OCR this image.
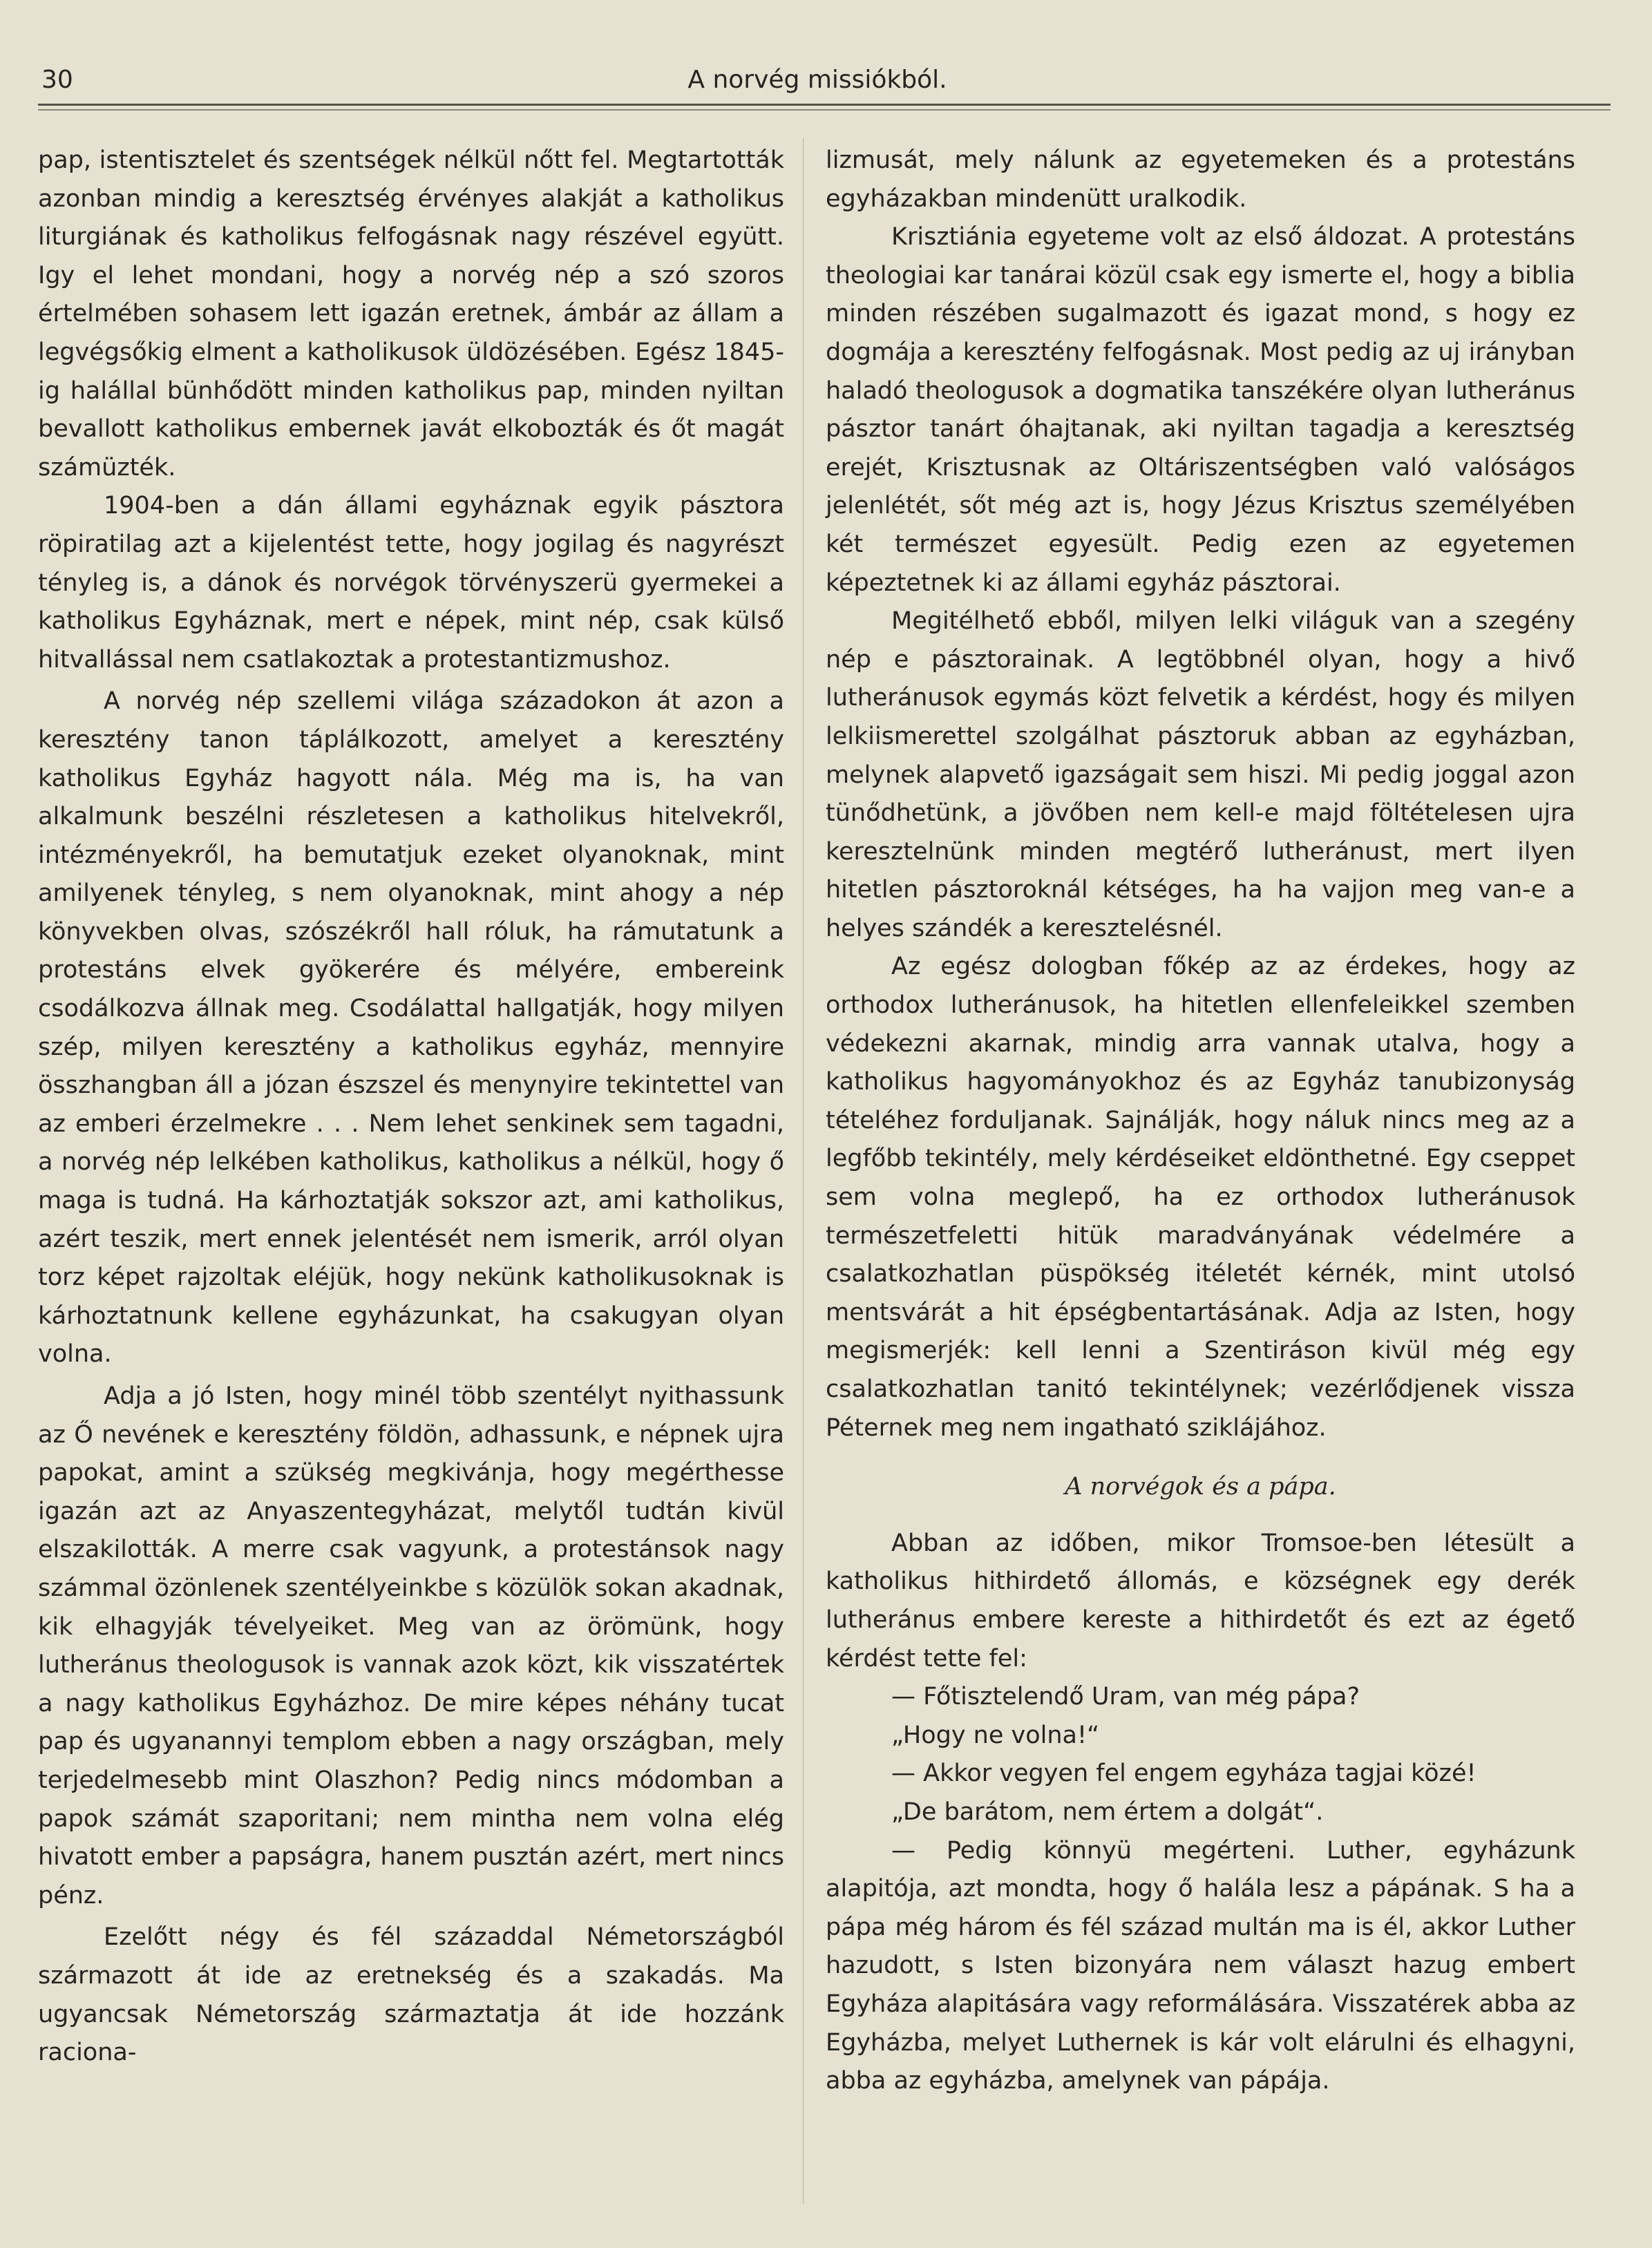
30	A norvég missiókból.

pap, istentisztelet és szentségek nélkül nőtt fel. Megtartották azonban mindig a keresztség érvényes alakját a katholikus liturgiának és katholikus felfogásnak nagy részével együtt. Igy el lehet mondani, hogy a norvég nép a szó szoros értelmében sohasem lett igazán eretnek, ámbár az állam a legvégsőkig elment a katholikusok üldözésében. Egész 1845-ig halállal bünhődött minden katholikus pap, minden nyiltan bevallott katholikus embernek javát elkobozták és őt magát számüzték.

1904-ben a dán állami egyháznak egyik pásztora röpiratilag azt a kijelentést tette, hogy jogilag és nagyrészt tényleg is, a dánok és norvégok törvényszerü gyermekei a katholikus Egyháznak, mert e népek, mint nép, csak külső hitvallással nem csatlakoztak a protestantizmushoz.

A norvég nép szellemi világa századokon át azon a keresztény tanon táplálkozott, amelyet a keresztény katholikus Egyház hagyott nála. Még ma is, ha van alkalmunk beszélni részletesen a katholikus hitelvekről, intézményekről, ha bemutatjuk ezeket olyanoknak, mint amilyenek tényleg, s nem olyanoknak, mint ahogy a nép könyvekben olvas, szószékről hall róluk, ha rámutatunk a protestáns elvek gyökerére és mélyére, embereink csodálkozva állnak meg. Csodálattal hallgatják, hogy milyen szép, milyen keresztény a katholikus egyház, mennyire összhangban áll a józan észszel és menynyire tekintettel van az emberi érzelmekre . . . Nem lehet senkinek sem tagadni, a norvég nép lelkében katholikus, katholikus a nélkül, hogy ő maga is tudná. Ha kárhoztatják sokszor azt, ami katholikus, azért teszik, mert ennek jelentését nem ismerik, arról olyan torz képet rajzoltak eléjük, hogy nekünk katholikusoknak is kárhoztatnunk kellene egyházunkat, ha csakugyan olyan volna.

Adja a jó Isten, hogy minél több szentélyt nyithassunk az Ő nevének e keresztény földön, adhassunk, e népnek ujra papokat, amint a szükség megkivánja, hogy megérthesse igazán azt az Anyaszentegyházat, melytől tudtán kivül elszakilották. A merre csak vagyunk, a protestánsok nagy számmal özönlenek szentélyeinkbe s közülök sokan akadnak, kik elhagyják tévelyeiket. Meg van az örömünk, hogy lutheránus theologusok is vannak azok közt, kik visszatértek a nagy katholikus Egyházhoz. De mire képes néhány tucat pap és ugyanannyi templom ebben a nagy országban, mely terjedelmesebb mint Olaszhon? Pedig nincs módomban a papok számát szaporitani; nem mintha nem volna elég hivatott ember a papságra, hanem pusztán azért, mert nincs pénz.

Ezelőtt négy és fél századdal Németországból származott át ide az eretnekség és a szakadás. Ma ugyancsak Németország származtatja át ide hozzánk raciona-

lizmusát, mely nálunk az egyetemeken és a protestáns egyházakban mindenütt uralkodik.

Krisztiánia egyeteme volt az első áldozat. A protestáns theologiai kar tanárai közül csak egy ismerte el, hogy a biblia minden részében sugalmazott és igazat mond, s hogy ez dogmája a keresztény felfogásnak. Most pedig az uj irányban haladó theologusok a dogmatika tanszékére olyan lutheránus pásztor tanárt óhajtanak, aki nyiltan tagadja a keresztség erejét, Krisztusnak az Oltáriszentségben való valóságos jelenlétét, sőt még azt is, hogy Jézus Krisztus személyében két természet egyesült. Pedig ezen az egyetemen képeztetnek ki az állami egyház pásztorai.

Megitélhető ebből, milyen lelki világuk van a szegény nép e pásztorainak. A legtöbbnél olyan, hogy a hivő lutheránusok egymás közt felvetik a kérdést, hogy és milyen lelkiismerettel szolgálhat pásztoruk abban az egyházban, melynek alapvető igazságait sem hiszi. Mi pedig joggal azon tünődhetünk, a jövőben nem kell-e majd föltételesen ujra keresztelnünk minden megtérő lutheránust, mert ilyen hitetlen pásztoroknál kétséges, ha ha vajjon meg van-e a helyes szándék a keresztelésnél.

Az egész dologban főkép az az érdekes, hogy az orthodox lutheránusok, ha hitetlen ellenfeleikkel szemben védekezni akarnak, mindig arra vannak utalva, hogy a katholikus hagyományokhoz és az Egyház tanubizonyság tételéhez forduljanak. Sajnálják, hogy náluk nincs meg az a legfőbb tekintély, mely kérdéseiket eldönthetné. Egy cseppet sem volna meglepő, ha ez orthodox lutheránusok természetfeletti hitük maradványának védelmére a csalatkozhatlan püspökség itéletét kérnék, mint utolsó mentsvárát a hit épségbentartásának. Adja az Isten, hogy megismerjék: kell lenni a Szentiráson kivül még egy csalatkozhatlan tanitó tekintélynek; vezérlődjenek vissza Péternek meg nem ingatható sziklájához.

A norvégok és a pápa.

Abban az időben, mikor Tromsoe-ben létesült a katholikus hithirdető állomás, e községnek egy derék lutheránus embere kereste a hithirdetőt és ezt az égető kérdést tette fel:

— Főtisztelendő Uram, van még pápa?

„Hogy ne volna!“

— Akkor vegyen fel engem egyháza tagjai közé!

„De barátom, nem értem a dolgát“.

— Pedig könnyü megérteni. Luther, egyházunk alapitója, azt mondta, hogy ő halála lesz a pápának. S ha a pápa még három és fél század multán ma is él, akkor Luther hazudott, s Isten bizonyára nem választ hazug embert Egyháza alapitására vagy reformálására. Visszatérek abba az Egyházba, melyet Luthernek is kár volt elárulni és elhagyni, abba az egyházba, amelynek van pápája.
